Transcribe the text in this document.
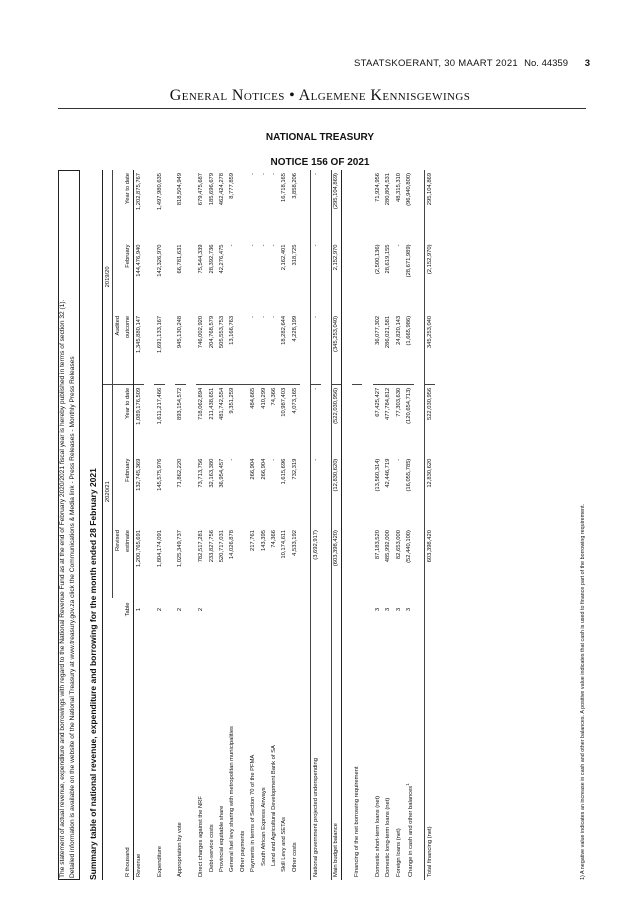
STAATSKOERANT, 30 MAART 2021 No. 44359 3
General Notices • Algemene Kennisgewings
NATIONAL TREASURY
NOTICE 156 OF 2021

The statement of actual revenue, expenditure and borrowings with regard to the National Revenue Fund as at the end of February 2020/2021 fiscal year is hereby published in terms of section 32 (1). Detailed information is available on the website of the National Treasury at www.treasury.gov.za click the Communications & Media link - Press Releases - Monthly Press Releases Summary table of national revenue, expenditure and borrowing for the month ended 28 February 2021
		2020/21			2019/20		
		Revised			Audited		
R thousand	Table	estimate	February	Year to date	outcome	February	Year to date
Revenue	1	1,200,765,691	132,745,369	1,089,176,509	1,345,880,147	144,476,940	1,202,875,767

Expenditure	2	1,804,174,091	145,575,976	1,611,217,466	1,691,133,167	142,326,970	1,497,980,635

Appropriation by vote	2	1,025,349,737	71,862,220	893,154,572	945,130,248	66,781,631	818,504,949

Direct charges against the NRF	2	782,517,281	73,713,756	718,062,894	746,002,920	75,544,339	679,475,687
Debt-service costs		233,827,756	32,163,380	211,438,651	204,768,579	28,392,736	185,696,679
Provincial equitable share		520,717,031	36,954,457	481,742,554	505,553,753	42,276,475	462,424,278
General fuel levy sharing with metropolitan municipalities		14,026,878	-	9,351,259	13,166,763	-	8,777,859
Other payments							
Payments in terms of Section 70 of the PFMA		217,761	266,904	484,665	-	-	-
South African Express Airways		143,395	266,904	410,299	-	-	-
Land and Agricultural Development Bank of SA		74,366	-	74,366	-	-	-
Skill Levy and SETAs		10,174,611	1,615,696	10,987,403	18,282,644	2,162,401	16,718,165
Other costs		4,533,192	732,319	4,073,165	4,228,199	318,725	3,858,206

National government projected underspending		(3,692,917)	-	-	-	-	-

Main budget balance		(603,398,420)	(12,830,620)	(522,030,956)	(345,253,040)	2,152,970	(295,104,869)

Financing of the net borrowing requirement							

Domestic short-term loans (net)	3	87,183,520	(13,560,314)	67,425,427	36,077,302	(2,500,136)	71,924,956
Domestic long-term loans (net)	3	485,992,000	42,446,719	477,784,812	286,021,581	28,619,155	280,804,531
Foreign loans (net)	3	82,653,000	-	77,303,630	24,820,143	-	48,315,310
Change in cash and other balances$^1$	3	(52,440,100)	(16,055,785)	(120,654,713)	(1,665,986)	(28,671,989)	(96,940,800)

Total financing (net)		603,398,420	12,830,620	522,030,956	345,253,040	(2,152,970)	295,104,869
1) A negative value indicates an increase in cash and other balances. A positive value indicates that cash is used to finance part of the borrowing requirement.
